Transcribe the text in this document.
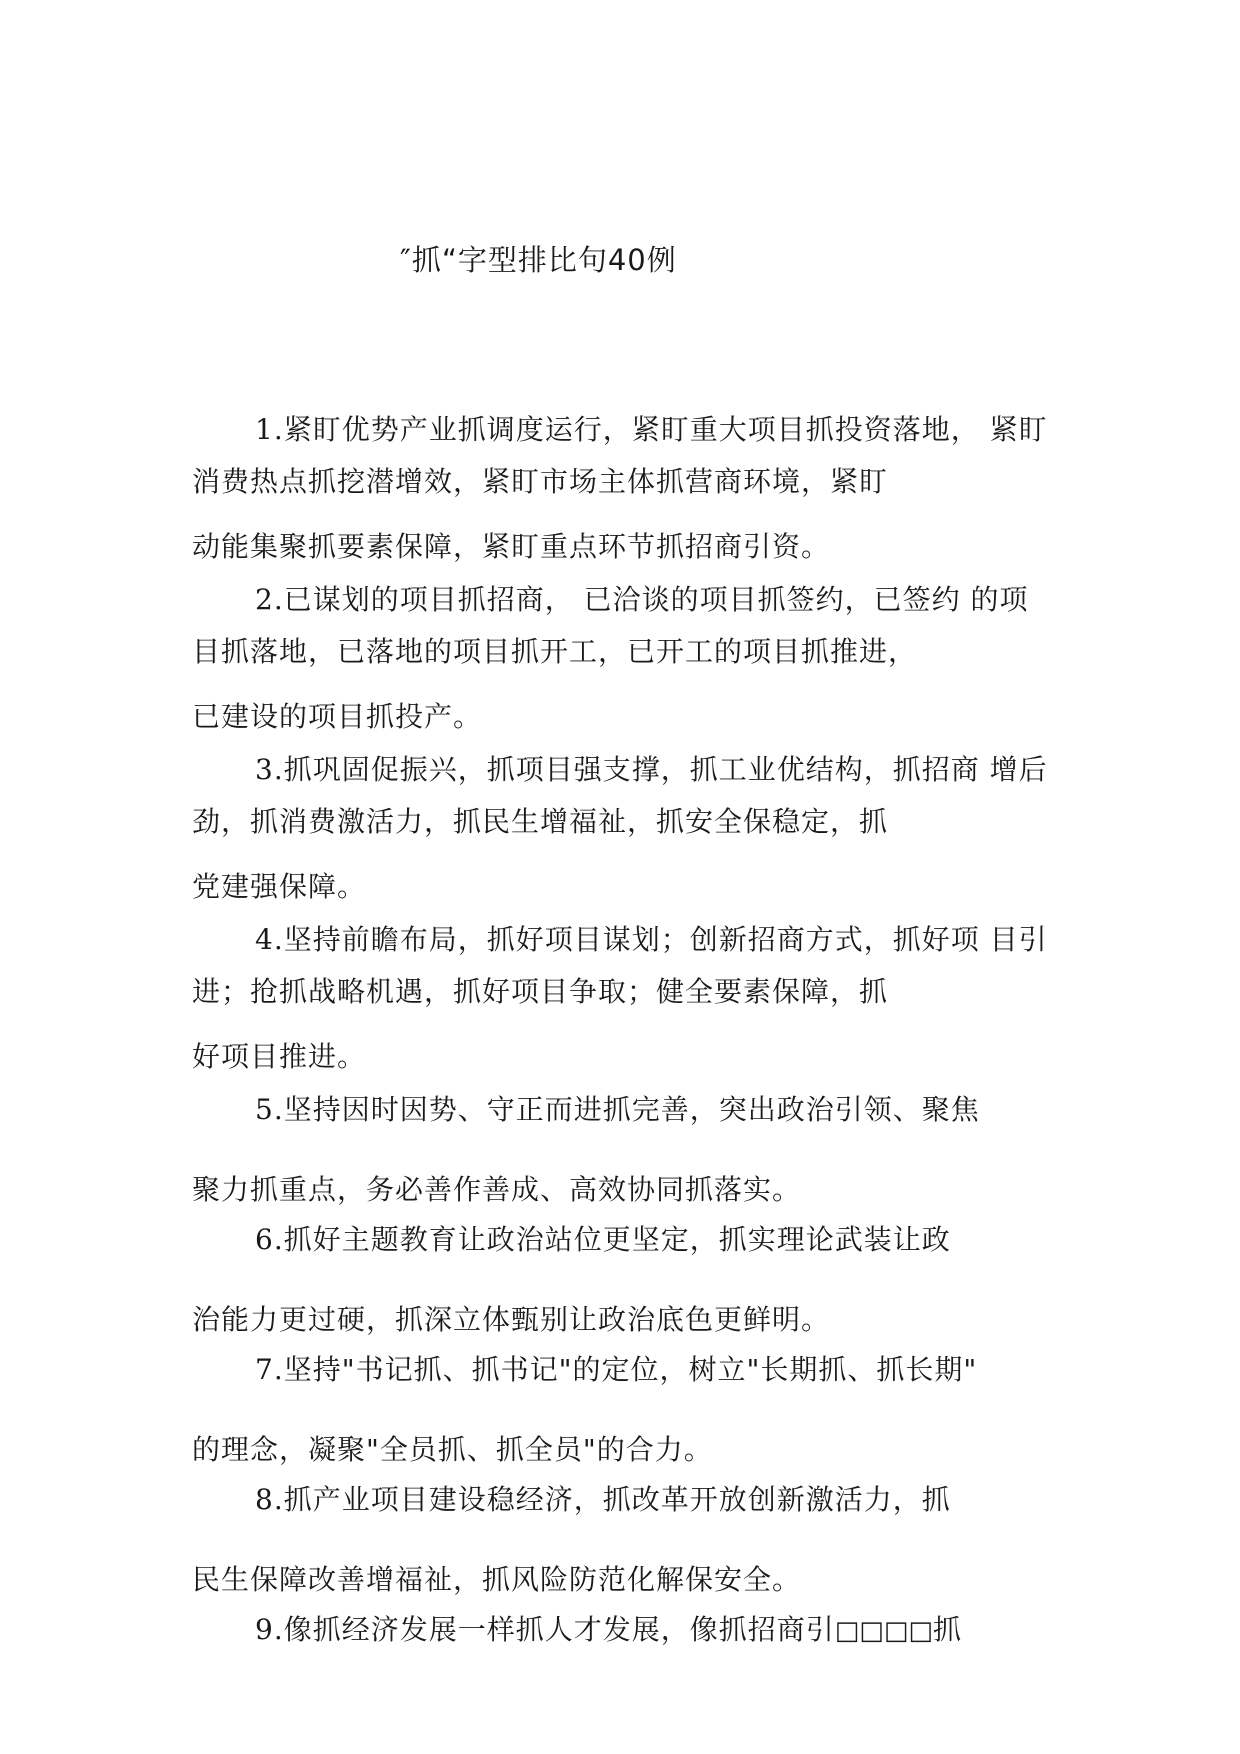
″抓“字型排比句40例
1.紧盯优势产业抓调度运行，紧盯重大项目抓投资落地， 紧盯
消费热点抓挖潜增效，紧盯市场主体抓营商环境，紧盯
动能集聚抓要素保障，紧盯重点环节抓招商引资。
2.已谋划的项目抓招商， 已洽谈的项目抓签约，已签约 的项
目抓落地，已落地的项目抓开工，已开工的项目抓推进，
已建设的项目抓投产。
3.抓巩固促振兴，抓项目强支撑，抓工业优结构，抓招商 增后
劲，抓消费激活力，抓民生增福祉，抓安全保稳定，抓
党建强保障。
4.坚持前瞻布局，抓好项目谋划；创新招商方式，抓好项 目引
进；抢抓战略机遇，抓好项目争取；健全要素保障，抓
好项目推进。
5.坚持因时因势、守正而进抓完善，突出政治引领、聚焦
聚力抓重点，务必善作善成、高效协同抓落实。
6.抓好主题教育让政治站位更坚定，抓实理论武装让政
治能力更过硬，抓深立体甄别让政治底色更鲜明。
7.坚持"书记抓、抓书记"的定位，树立"长期抓、抓长期"
的理念，凝聚"全员抓、抓全员"的合力。
8.抓产业项目建设稳经济，抓改革开放创新激活力，抓
民生保障改善增福祉，抓风险防范化解保安全。
9.像抓经济发展一样抓人才发展，像抓招商引□□□□抓
